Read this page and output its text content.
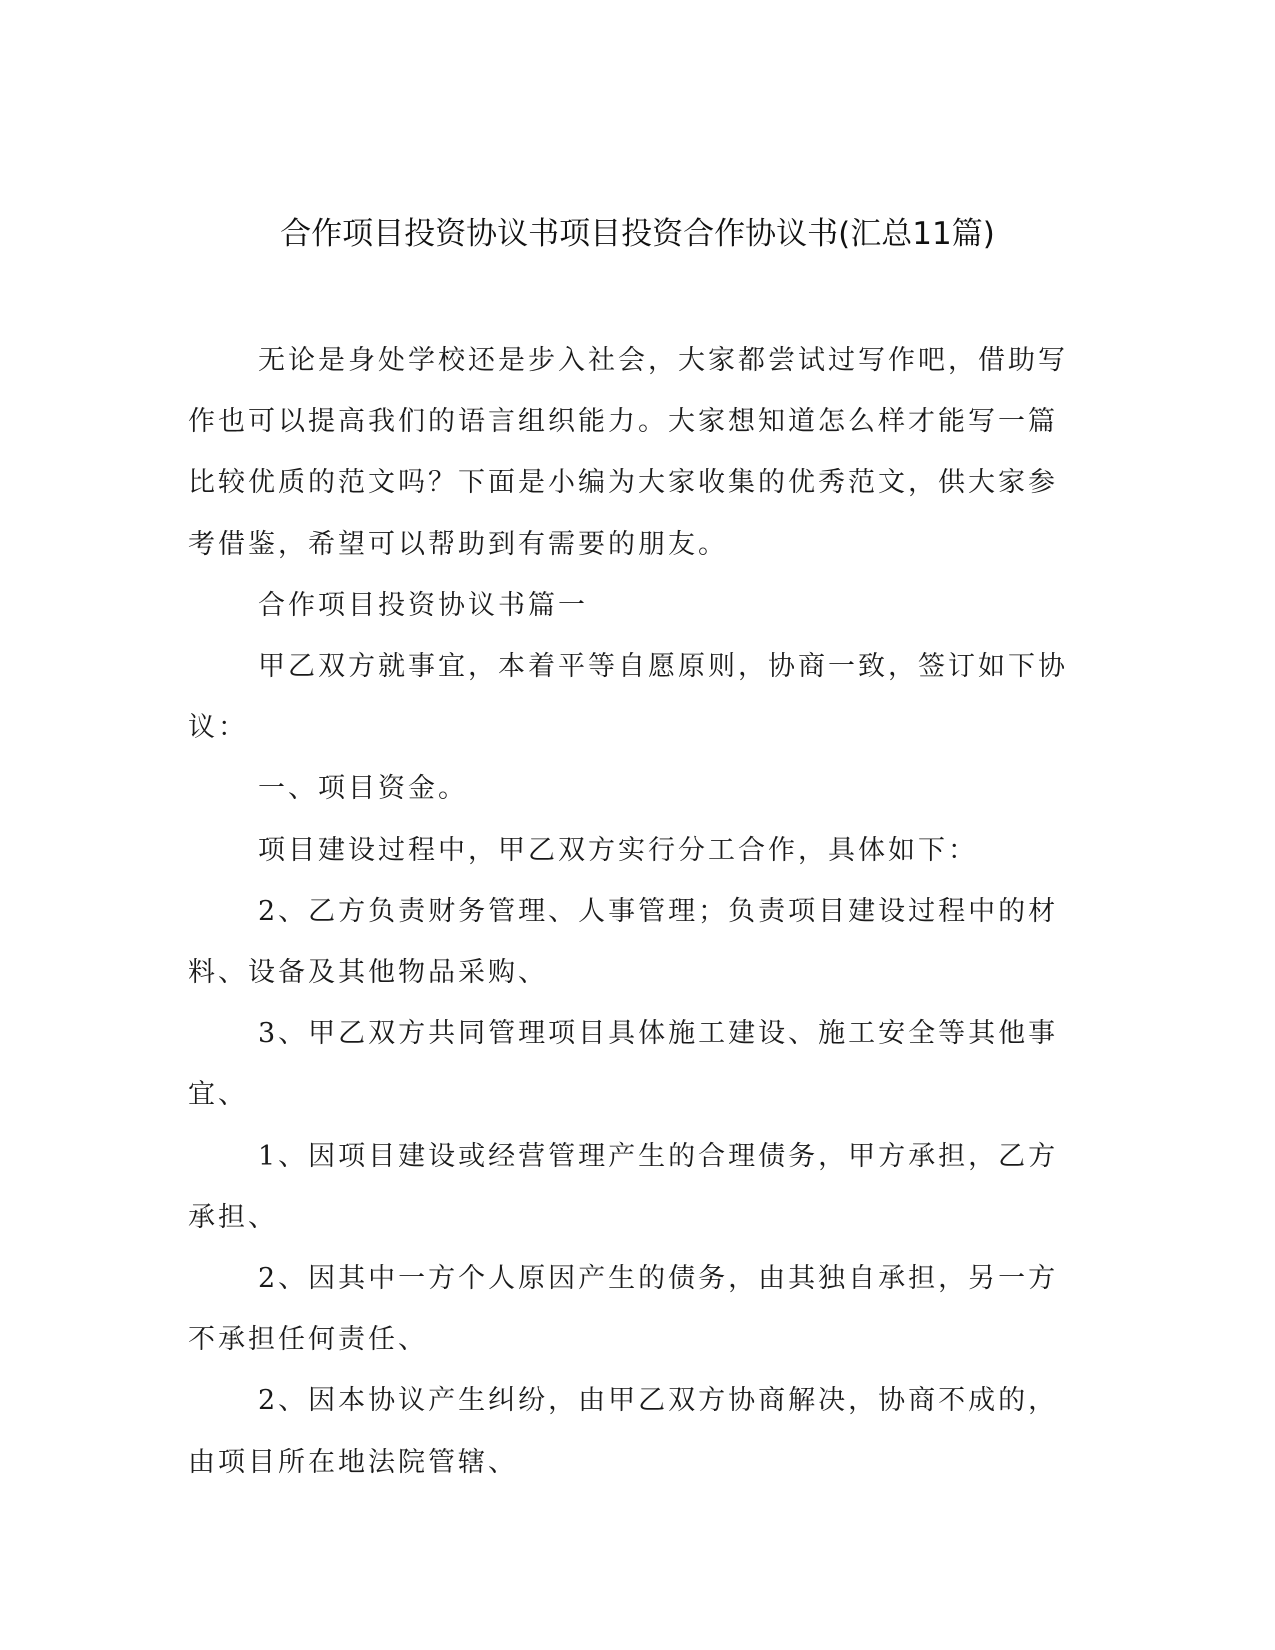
合作项目投资协议书项目投资合作协议书(汇总11篇)

无论是身处学校还是步入社会，大家都尝试过写作吧，借助写作也可以提高我们的语言组织能力。大家想知道怎么样才能写一篇比较优质的范文吗？下面是小编为大家收集的优秀范文，供大家参考借鉴，希望可以帮助到有需要的朋友。

合作项目投资协议书篇一

甲乙双方就事宜，本着平等自愿原则，协商一致，签订如下协议：

一、项目资金。

项目建设过程中，甲乙双方实行分工合作，具体如下：

2、乙方负责财务管理、人事管理；负责项目建设过程中的材料、设备及其他物品采购、

3、甲乙双方共同管理项目具体施工建设、施工安全等其他事宜、

1、因项目建设或经营管理产生的合理债务，甲方承担，乙方承担、

2、因其中一方个人原因产生的债务，由其独自承担，另一方不承担任何责任、

2、因本协议产生纠纷，由甲乙双方协商解决，协商不成的，由项目所在地法院管辖、
